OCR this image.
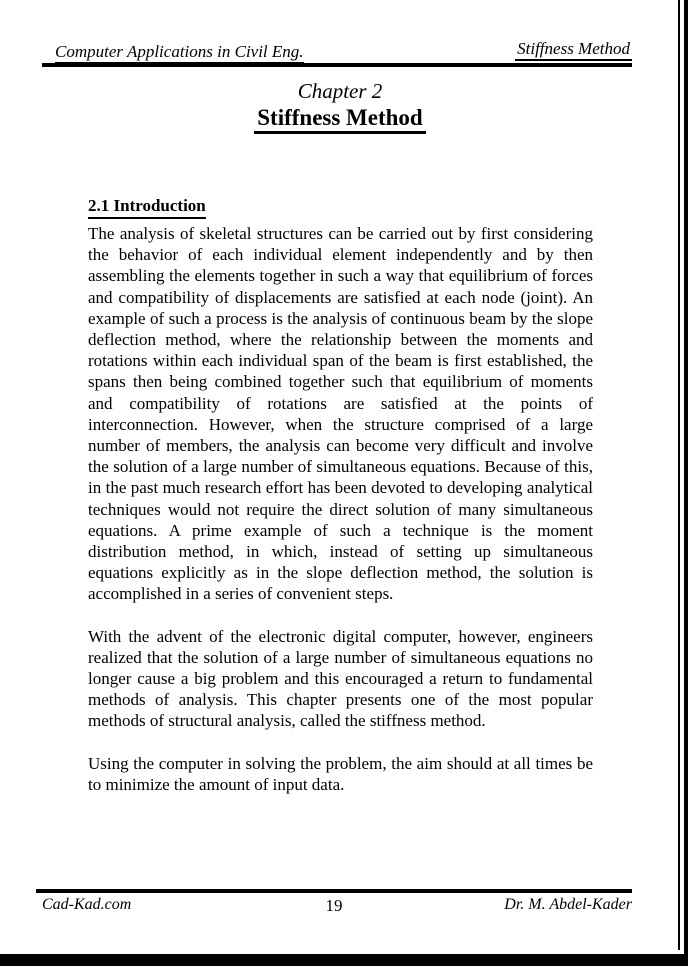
Computer Applications in Civil Eng.	Stiffness Method
Chapter 2
Stiffness Method
2.1 Introduction

The analysis of skeletal structures can be carried out by first considering the behavior of each individual element independently and by then assembling the elements together in such a way that equilibrium of forces and compatibility of displacements are satisfied at each node (joint). An example of such a process is the analysis of continuous beam by the slope deflection method, where the relationship between the moments and rotations within each individual span of the beam is first established, the spans then being combined together such that equilibrium of moments and compatibility of rotations are satisfied at the points of interconnection. However, when the structure comprised of a large number of members, the analysis can become very difficult and involve the solution of a large number of simultaneous equations. Because of this, in the past much research effort has been devoted to developing analytical techniques would not require the direct solution of many simultaneous equations. A prime example of such a technique is the moment distribution method, in which, instead of setting up simultaneous equations explicitly as in the slope deflection method, the solution is accomplished in a series of convenient steps.

With the advent of the electronic digital computer, however, engineers realized that the solution of a large number of simultaneous equations no longer cause a big problem and this encouraged a return to fundamental methods of analysis. This chapter presents one of the most popular methods of structural analysis, called the stiffness method.

Using the computer in solving the problem, the aim should at all times be to minimize the amount of input data.

Cad-Kad.com	19	Dr. M. Abdel-Kader
